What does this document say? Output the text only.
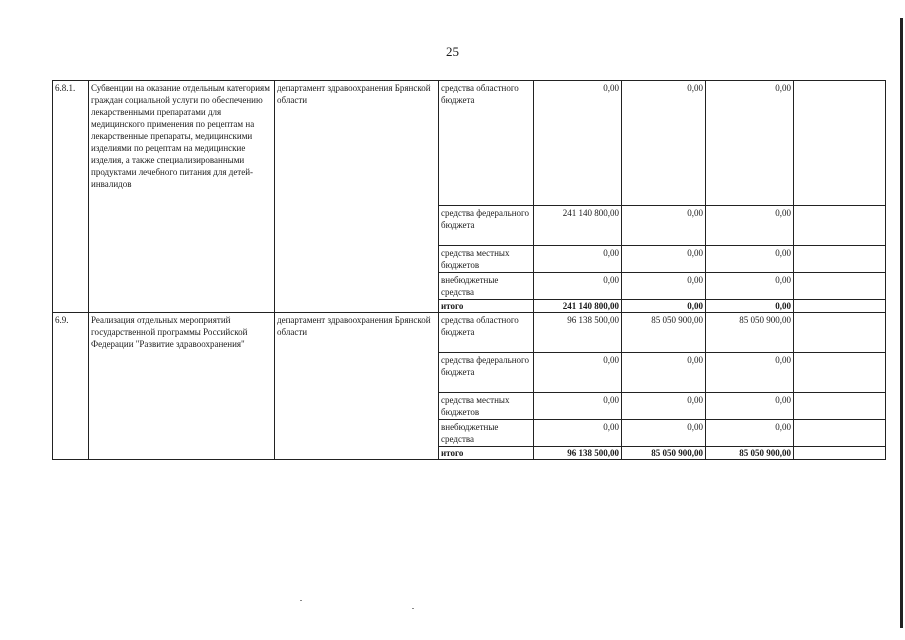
25
6.8.1.	Субвенции на оказание отдельным категориям граждан социальной услуги по обеспечению лекарственными препаратами для медицинского применения по рецептам на лекарственные препараты, медицинскими изделиями по рецептам на медицинские изделия, а также специализированными продуктами лечебного питания для детей-инвалидов	департамент здравоохранения Брянской области	средства областного бюджета	0,00	0,00	0,00	
			средства федерального бюджета	241 140 800,00	0,00	0,00	
			средства местных бюджетов	0,00	0,00	0,00	
			внебюджетные средства	0,00	0,00	0,00	
			итого	241 140 800,00	0,00	0,00	
6.9.	Реализация отдельных мероприятий государственной программы Российской Федерации "Развитие здравоохранения"	департамент здравоохранения Брянской области	средства областного бюджета	96 138 500,00	85 050 900,00	85 050 900,00	
			средства федерального бюджета	0,00	0,00	0,00	
			средства местных бюджетов	0,00	0,00	0,00	
			внебюджетные средства	0,00	0,00	0,00	
			итого	96 138 500,00	85 050 900,00	85 050 900,00	
